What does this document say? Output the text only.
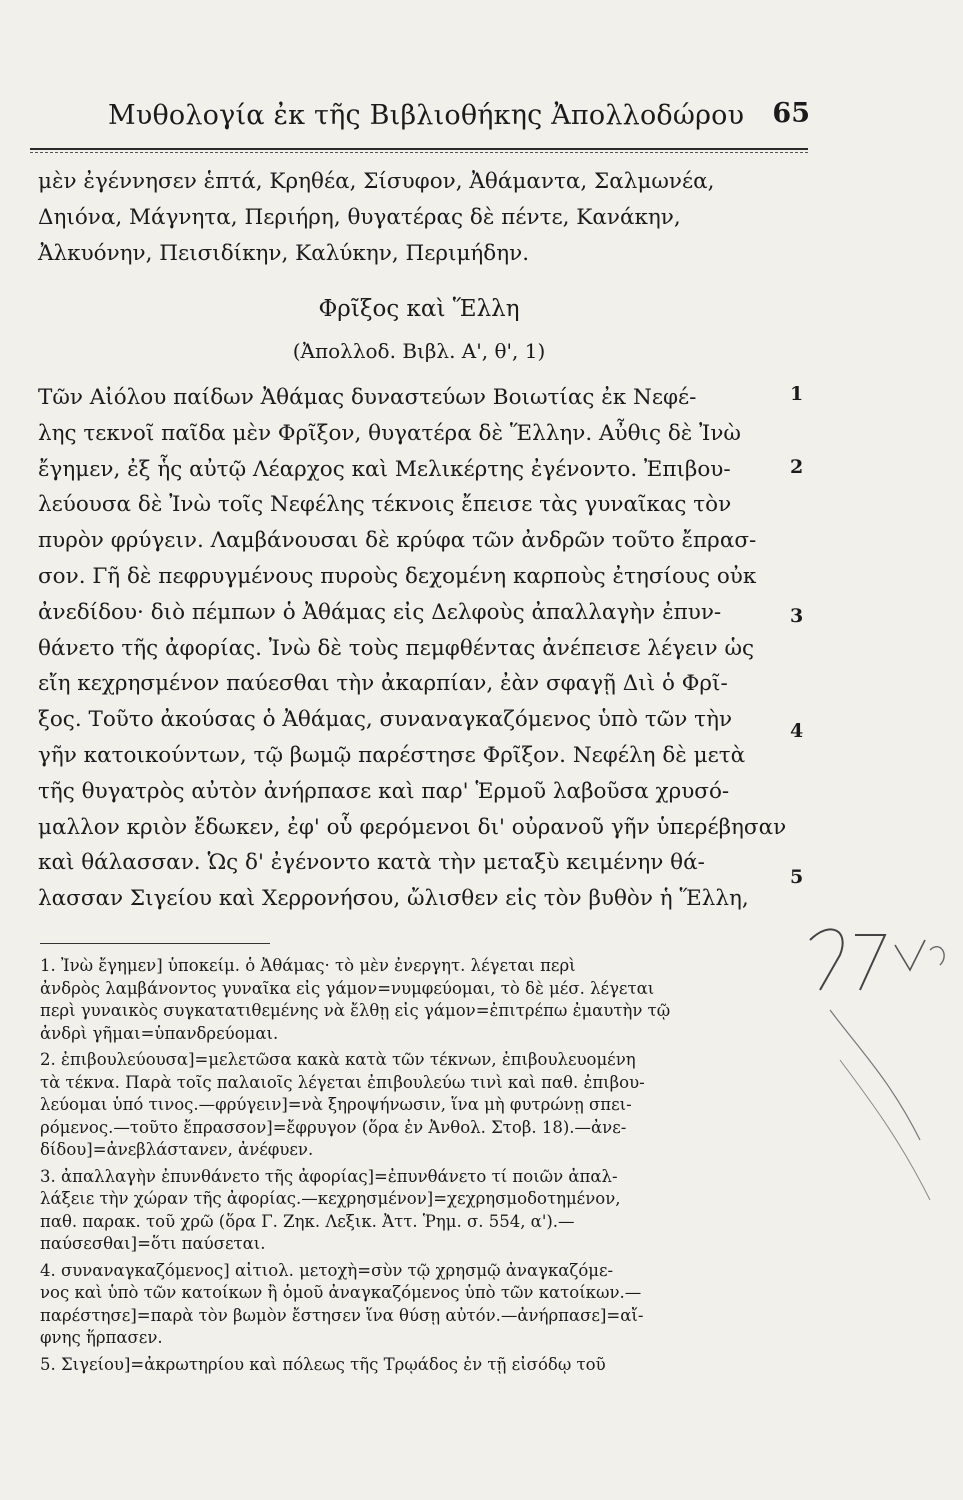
Μυθολογία ἐκ τῆς Βιβλιοθήκης Ἀπολλοδώρου 65
μὲν ἐγέννησεν ἑπτά, Κρηθέα, Σίσυφον, Ἀθάμαντα, Σαλμωνέα,
Δηιόνα, Μάγνητα, Περιήρη, θυγατέρας δὲ πέντε, Κανάκην,
Ἀλκυόνην, Πεισιδίκην, Καλύκην, Περιμήδην.
Φρῖξος καὶ Ἕλλη
(Ἀπολλοδ. Βιβλ. Α', θ', 1)
Τῶν Αἰόλου παίδων Ἀθάμας δυναστεύων Βοιωτίας ἐκ Νεφέ-
λης τεκνοῖ παῖδα μὲν Φρῖξον, θυγατέρα δὲ Ἕλλην. Αὖθις δὲ Ἰνὼ
ἔγημεν, ἐξ ἧς αὐτῷ Λέαρχος καὶ Μελικέρτης ἐγένοντο. Ἐπιβου-
λεύουσα δὲ Ἰνὼ τοῖς Νεφέλης τέκνοις ἔπεισε τὰς γυναῖκας τὸν
πυρὸν φρύγειν. Λαμβάνουσαι δὲ κρύφα τῶν ἀνδρῶν τοῦτο ἔπρασ-
σον. Γῆ δὲ πεφρυγμένους πυροὺς δεχομένη καρποὺς ἐτησίους οὐκ
ἀνεδίδου· διὸ πέμπων ὁ Ἀθάμας εἰς Δελφοὺς ἀπαλλαγὴν ἐπυν-
θάνετο τῆς ἀφορίας. Ἰνὼ δὲ τοὺς πεμφθέντας ἀνέπεισε λέγειν ὡς
εἴη κεχρησμένον παύεσθαι τὴν ἀκαρπίαν, ἐὰν σφαγῇ Διὶ ὁ Φρῖ-
ξος. Τοῦτο ἀκούσας ὁ Ἀθάμας, συναναγκαζόμενος ὑπὸ τῶν τὴν
γῆν κατοικούντων, τῷ βωμῷ παρέστησε Φρῖξον. Νεφέλη δὲ μετὰ
τῆς θυγατρὸς αὐτὸν ἀνήρπασε καὶ παρ' Ἑρμοῦ λαβοῦσα χρυσό-
μαλλον κριὸν ἔδωκεν, ἐφ' οὗ φερόμενοι δι' οὐρανοῦ γῆν ὑπερέβησαν
καὶ θάλασσαν. Ὡς δ' ἐγένοντο κατὰ τὴν μεταξὺ κειμένην θά-
λασσαν Σιγείου καὶ Χερρονήσου, ὤλισθεν εἰς τὸν βυθὸν ἡ Ἕλλη,
1
2
3
4
5
1. Ἰνὼ ἔγημεν] ὑποκείμ. ὁ Ἀθάμας· τὸ μὲν ἐνεργητ. λέγεται περὶ
ἀνδρὸς λαμβάνοντος γυναῖκα εἰς γάμον=νυμφεύομαι, τὸ δὲ μέσ. λέγεται
περὶ γυναικὸς συγκατατιθεμένης νὰ ἔλθῃ εἰς γάμον=ἐπιτρέπω ἐμαυτὴν τῷ
ἀνδρὶ γῆμαι=ὑπανδρεύομαι.
2. ἐπιβουλεύουσα]=μελετῶσα κακὰ κατὰ τῶν τέκνων, ἐπιβουλευομένη
τὰ τέκνα. Παρὰ τοῖς παλαιοῖς λέγεται ἐπιβουλεύω τινὶ καὶ παθ. ἐπιβου-
λεύομαι ὑπό τινος.—φρύγειν]=νὰ ξηροψήνωσιν, ἵνα μὴ φυτρώνῃ σπει-
ρόμενος.—τοῦτο ἔπρασσον]=ἔφρυγον (ὅρα ἐν Ἀνθολ. Στοβ. 18).—ἀνε-
δίδου]=ἀνεβλάστανεν, ἀνέφυεν.
3. ἀπαλλαγὴν ἐπυνθάνετο τῆς ἀφορίας]=ἐπυνθάνετο τί ποιῶν ἀπαλ-
λάξειε τὴν χώραν τῆς ἀφορίας.—κεχρησμένον]=χεχρησμοδοτημένον,
παθ. παρακ. τοῦ χρῶ (ὅρα Γ. Ζηκ. Λεξικ. Ἀττ. Ῥημ. σ. 554, α').—
παύσεσθαι]=ὅτι παύσεται.
4. συναναγκαζόμενος] αἰτιολ. μετοχὴ=σὺν τῷ χρησμῷ ἀναγκαζόμε-
νος καὶ ὑπὸ τῶν κατοίκων ἢ ὁμοῦ ἀναγκαζόμενος ὑπὸ τῶν κατοίκων.—
παρέστησε]=παρὰ τὸν βωμὸν ἔστησεν ἵνα θύσῃ αὐτόν.—ἀνήρπασε]=αἴ-
φνης ἥρπασεν.
5. Σιγείου]=ἀκρωτηρίου καὶ πόλεως τῆς Τρῳάδος ἐν τῇ εἰσόδῳ τοῦ
